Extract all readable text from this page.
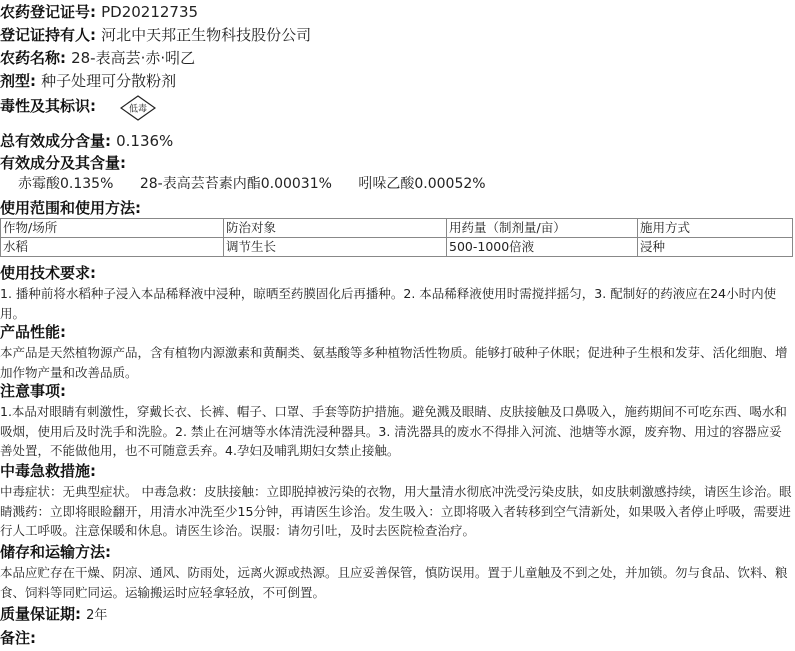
农药登记证号: PD20212735
登记证持有人: 河北中天邦正生物科技股份公司
农药名称: 28-表高芸·赤·吲乙
剂型: 种子处理可分散粉剂
毒性及其标识:	低毒
总有效成分含量: 0.136%
有效成分及其含量:
赤霉酸0.135% 28-表高芸苔素内酯0.00031% 吲哚乙酸0.00052%
使用范围和使用方法:
作物/场所	防治对象	用药量（制剂量/亩）	施用方式
水稻	调节生长	500-1000倍液	浸种
使用技术要求:
1. 播种前将水稻种子浸入本品稀释液中浸种，晾晒至药膜固化后再播种。2. 本品稀释液使用时需搅拌摇匀，3. 配制好的药液应在24小时内使用。
产品性能:
本产品是天然植物源产品，含有植物内源激素和黄酮类、氨基酸等多种植物活性物质。能够打破种子休眠；促进种子生根和发芽、活化细胞、增加作物产量和改善品质。
注意事项:
1.本品对眼睛有刺激性，穿戴长衣、长裤、帽子、口罩、手套等防护措施。避免溅及眼睛、皮肤接触及口鼻吸入，施药期间不可吃东西、喝水和吸烟，使用后及时洗手和洗脸。2. 禁止在河塘等水体清洗浸种器具。3. 清洗器具的废水不得排入河流、池塘等水源，废弃物、用过的容器应妥善处置，不能做他用，也不可随意丢弃。4.孕妇及哺乳期妇女禁止接触。
中毒急救措施:
中毒症状：无典型症状。 中毒急救：皮肤接触：立即脱掉被污染的衣物，用大量清水彻底冲洗受污染皮肤，如皮肤刺激感持续，请医生诊治。眼睛溅药：立即将眼睑翻开，用清水冲洗至少15分钟，再请医生诊治。发生吸入：立即将吸入者转移到空气清新处，如果吸入者停止呼吸，需要进行人工呼吸。注意保暖和休息。请医生诊治。误服：请勿引吐，及时去医院检查治疗。
储存和运输方法:
本品应贮存在干燥、阴凉、通风、防雨处，远离火源或热源。且应妥善保管，慎防误用。置于儿童触及不到之处，并加锁。勿与食品、饮料、粮食、饲料等同贮同运。运输搬运时应轻拿轻放，不可倒置。
质量保证期: 2年
备注:
